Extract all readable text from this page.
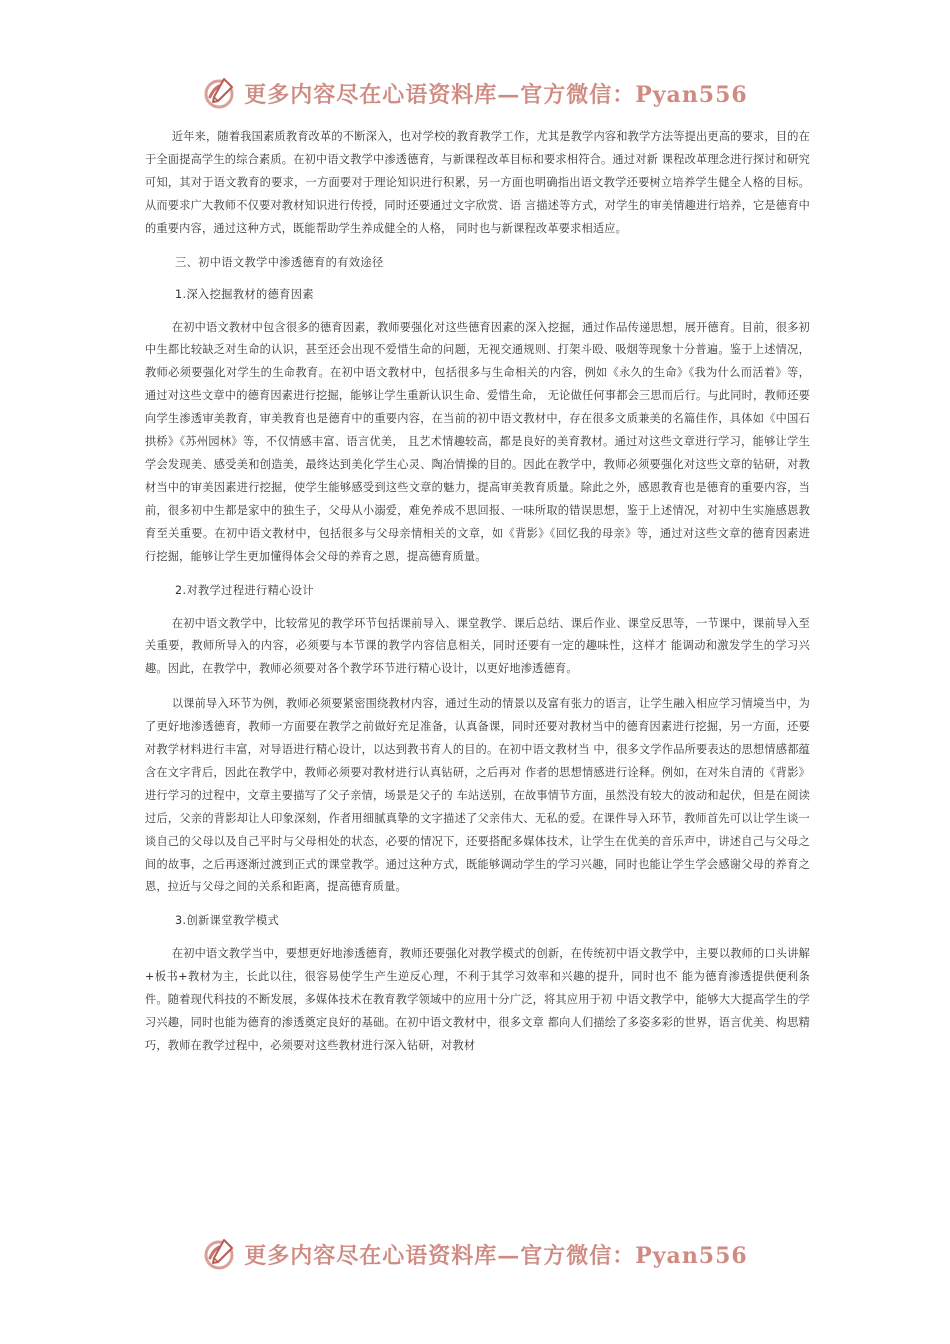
更多内容尽在心语资料库—官方微信：Pyan556

近年来，随着我国素质教育改革的不断深入，也对学校的教育教学工作，尤其是教学内容和教学方法等提出更高的要求，目的在于全面提高学生的综合素质。在初中语文教学中渗透德育，与新课程改革目标和要求相符合。通过对新 课程改革理念进行探讨和研究可知，其对于语文教育的要求，一方面要对于理论知识进行积累，另一方面也明确指出语文教学还要树立培养学生健全人格的目标。从而要求广大教师不仅要对教材知识进行传授，同时还要通过文字欣赏、语 言描述等方式，对学生的审美情趣进行培养，它是德育中的重要内容，通过这种方式，既能帮助学生养成健全的人格， 同时也与新课程改革要求相适应。

三、初中语文教学中渗透德育的有效途径
1.深入挖掘教材的德育因素

在初中语文教材中包含很多的德育因素，教师要强化对这些德育因素的深入挖掘，通过作品传递思想，展开德育。目前，很多初中生都比较缺乏对生命的认识，甚至还会出现不爱惜生命的问题，无视交通规则、打架斗殴、吸烟等现象十分普遍。鉴于上述情况，教师必须要强化对学生的生命教育。在初中语文教材中，包括很多与生命相关的内容，例如《永久的生命》《我为什么而活着》等，通过对这些文章中的德育因素进行挖掘，能够让学生重新认识生命、爱惜生命， 无论做任何事都会三思而后行。与此同时，教师还要向学生渗透审美教育，审美教育也是德育中的重要内容，在当前的初中语文教材中，存在很多文质兼美的名篇佳作，具体如《中国石拱桥》《苏州园林》等，不仅情感丰富、语言优美， 且艺术情趣较高，都是良好的美育教材。通过对这些文章进行学习，能够让学生学会发现美、感受美和创造美，最终达到美化学生心灵、陶冶情操的目的。因此在教学中，教师必须要强化对这些文章的钻研，对教材当中的审美因素进行挖掘，使学生能够感受到这些文章的魅力，提高审美教育质量。除此之外，感恩教育也是德育的重要内容，当前，很多初中生都是家中的独生子，父母从小溺爱，难免养成不思回报、一味所取的错误思想，鉴于上述情况，对初中生实施感恩教育至关重要。在初中语文教材中，包括很多与父母亲情相关的文章，如《背影》《回忆我的母亲》等，通过对这些文章的德育因素进行挖掘，能够让学生更加懂得体会父母的养育之恩，提高德育质量。

2.对教学过程进行精心设计

在初中语文教学中，比较常见的教学环节包括课前导入、课堂教学、课后总结、课后作业、课堂反思等，一节课中，课前导入至关重要，教师所导入的内容，必须要与本节课的教学内容信息相关，同时还要有一定的趣味性，这样才 能调动和激发学生的学习兴趣。因此，在教学中，教师必须要对各个教学环节进行精心设计，以更好地渗透德育。

以课前导入环节为例，教师必须要紧密围绕教材内容，通过生动的情景以及富有张力的语言，让学生融入相应学习情境当中，为了更好地渗透德育，教师一方面要在教学之前做好充足准备，认真备课，同时还要对教材当中的德育因素进行挖掘，另一方面，还要对教学材料进行丰富，对导语进行精心设计，以达到教书育人的目的。在初中语文教材当 中，很多文学作品所要表达的思想情感都蕴含在文字背后，因此在教学中，教师必须要对教材进行认真钻研，之后再对 作者的思想情感进行诠释。例如，在对朱自清的《背影》进行学习的过程中，文章主要描写了父子亲情，场景是父子的 车站送别，在故事情节方面，虽然没有较大的波动和起伏，但是在阅读过后，父亲的背影却让人印象深刻，作者用细腻真挚的文字描述了父亲伟大、无私的爱。在课件导入环节，教师首先可以让学生谈一谈自己的父母以及自己平时与父母相处的状态，必要的情况下，还要搭配多媒体技术，让学生在优美的音乐声中，讲述自己与父母之间的故事，之后再逐渐过渡到正式的课堂教学。通过这种方式，既能够调动学生的学习兴趣，同时也能让学生学会感谢父母的养育之恩，拉近与父母之间的关系和距离，提高德育质量。

3.创新课堂教学模式

在初中语文教学当中，要想更好地渗透德育，教师还要强化对教学模式的创新，在传统初中语文教学中，主要以教师的口头讲解+板书+教材为主，长此以往，很容易使学生产生逆反心理，不利于其学习效率和兴趣的提升，同时也不 能为德育渗透提供便利条件。随着现代科技的不断发展，多媒体技术在教育教学领域中的应用十分广泛，将其应用于初 中语文教学中，能够大大提高学生的学习兴趣，同时也能为德育的渗透奠定良好的基础。在初中语文教材中，很多文章 都向人们描绘了多姿多彩的世界，语言优美、构思精巧，教师在教学过程中，必须要对这些教材进行深入钻研，对教材

更多内容尽在心语资料库—官方微信：Pyan556
